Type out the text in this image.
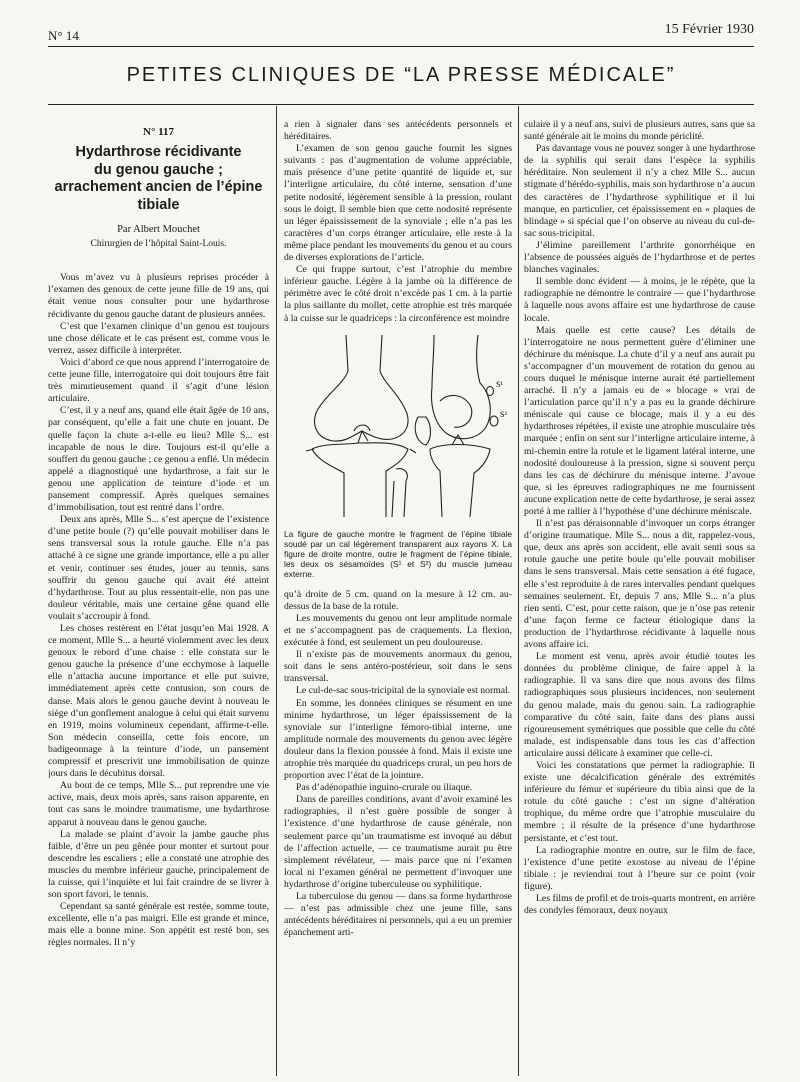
N° 14	15 Février 1930
PETITES CLINIQUES DE “LA PRESSE MÉDICALE”
N° 117
Hydarthrose récidivante
du genou gauche ;
arrachement ancien de l’épine
tibiale
Par Albert Mouchet
Chirurgien de l’hôpital Saint-Louis.

Vous m’avez vu à plusieurs reprises procéder à l’examen des genoux de cette jeune fille de 19 ans, qui était venue nous consulter pour une hydarthrose récidivante du genou gauche datant de plusieurs années.

C’est que l’examen clinique d’un genou est toujours une chose délicate et le cas présent est, comme vous le verrez, assez difficile à interpréter.

Voici d’abord ce que nous apprend l’interrogatoire de cette jeune fille, interrogatoire qui doit toujours être fait très minutieusement quand il s’agit d’une lésion articulaire.

C’est, il y a neuf ans, quand elle était âgée de 10 ans, par conséquent, qu’elle a fait une chute en jouant. De quelle façon la chute a-t-elle eu lieu? Mlle S... est incapable de nous le dire. Toujours est-il qu’elle a souffert du genou gauche ; ce genou a enflé. Un médecin appelé a diagnostiqué une hydarthrose, a fait sur le genou une application de teinture d’iode et un pansement compressif. Après quelques semaines d’immobilisation, tout est rentré dans l’ordre.

Deux ans après, Mlle S... s’est aperçue de l’existence d’une petite boule (?) qu’elle pouvait mobiliser dans le sens transversal sous la rotule gauche. Elle n’a pas attaché à ce signe une grande importance, elle a pu aller et venir, continuer ses études, jouer au tennis, sans souffrir du genou gauche qui avait été atteint d’hydarthrose. Tout au plus ressentait-elle, non pas une douleur véritable, mais une certaine gêne quand elle voulait s’accroupir à fond.

Les choses restèrent en l’état jusqu’en Mai 1928. A ce moment, Mlle S... a heurté violemment avec les deux genoux le rebord d’une chaise : elle constata sur le genou gauche la présence d’une ecchymose à laquelle elle n’attacha aucune importance et elle put suivre, immédiatement après cette contusion, son cours de danse. Mais alors le genou gauche devint à nouveau le siège d’un gonflement analogue à celui qui était survenu en 1919, moins volumineux cependant, affirme-t-elle. Son médecin conseilla, cette fois encore, un badigeonnage à la teinture d’iode, un pansement compressif et prescrivit une immobilisation de quinze jours dans le décubitus dorsal.

Au bout de ce temps, Mlle S... put reprendre une vie active, mais, deux mois après, sans raison apparente, en tout cas sans le moindre traumatisme, une hydarthrose apparut à nouveau dans le genou gauche.

La malade se plaint d’avoir la jambe gauche plus faible, d’être un peu gênée pour monter et surtout pour descendre les escaliers ; elle a constaté une atrophie des muscles du membre inférieur gauche, principalement de la cuisse, qui l’inquiète et lui fait craindre de se livrer à son sport favori, le tennis.

Cependant sa santé générale est restée, somme toute, excellente, elle n’a pas maigri. Elle est grande et mince, mais elle a bonne mine. Son appétit est resté bon, ses règles normales. Il n’y

a rien à signaler dans ses antécédents personnels et héréditaires.

L’examen de son genou gauche fournit les signes suivants : pas d’augmentation de volume appréciable, mais présence d’une petite quantité de liquide et, sur l’interligne articulaire, du côté interne, sensation d’une petite nodosité, légèrement sensible à la pression, roulant sous le doigt. Il semble bien que cette nodosité représente un léger épaississement de la synoviale ; elle n’a pas les caractères d’un corps étranger articulaire, elle reste à la même place pendant les mouvements du genou et au cours de diverses explorations de l’article.

Ce qui frappe surtout, c’est l’atrophie du membre inférieur gauche. Légère à la jambe où la différence de périmètre avec le côté droit n’excède pas 1 cm. à la partie la plus saillante du mollet, cette atrophie est très marquée à la cuisse sur le quadriceps : la circonférence est moindre

S¹
S²
La figure de gauche montre le fragment de l’épine tibiale soudé par un cal légèrement transparent aux rayons X. La figure de droite montre, outre le fragment de l’épine tibiale, les deux os sésamoïdes (S¹ et S²) du muscle jumeau externe.

qu’à droite de 5 cm. quand on la mesure à 12 cm. au-dessus de la base de la rotule.

Les mouvements du genou ont leur amplitude normale et ne s’accompagnent pas de craquements. La flexion, exécutée à fond, est seulement un peu douloureuse.

Il n’existe pas de mouvements anormaux du genou, soit dans le sens antéro-postérieur, soit dans le sens transversal.

Le cul-de-sac sous-tricipital de la synoviale est normal.

En somme, les données cliniques se résument en une minime hydarthrose, un léger épaississement de la synoviale sur l’interligne fémoro-tibial interne, une amplitude normale des mouvements du genou avec légère douleur dans la flexion poussée à fond. Mais il existe une atrophie très marquée du quadriceps crural, un peu hors de proportion avec l’état de la jointure.

Pas d’adénopathie inguino-crurale ou iliaque.

Dans de pareilles conditions, avant d’avoir examiné les radiographies, il n’est guère possible de songer à l’existence d’une hydarthrose de cause générale, non seulement parce qu’un traumatisme est invoqué au début de l’affection actuelle, — ce traumatisme aurait pu être simplement révélateur, — mais parce que ni l’examen local ni l’examen général ne permettent d’invoquer une hydarthrose d’origine tuberculeuse ou syphilitique.

La tuberculose du genou — dans sa forme hydarthrose — n’est pas admissible chez une jeune fille, sans antécédents héréditaires ni personnels, qui a eu un premier épanchement arti-

culaire il y a neuf ans, suivi de plusieurs autres, sans que sa santé générale ait le moins du monde périclité.

Pas davantage vous ne pouvez songer à une hydarthrose de la syphilis qui serait dans l’espèce la syphilis héréditaire. Non seulement il n’y a chez Mlle S... aucun stigmate d’hérédo-syphilis, mais son hydarthrose n’a aucun des caractères de l’hydarthrose syphilitique et il lui manque, en particulier, cet épaississement en « plaques de blindage » si spécial que l’on observe au niveau du cul-de-sac sous-tricipital.

J’élimine pareillement l’arthrite gonorrhéique en l’absence de poussées aiguës de l’hydarthrose et de pertes blanches vaginales.

Il semble donc évident — à moins, je le répète, que la radiographie ne démontre le contraire — que l’hydarthrose à laquelle nous avons affaire est une hydarthrose de cause locale.

Mais quelle est cette cause? Les détails de l’interrogatoire ne nous permettent guère d’éliminer une déchirure du ménisque. La chute d’il y a neuf ans aurait pu s’accompagner d’un mouvement de rotation du genou au cours duquel le ménisque interne aurait été partiellement arraché. Il n’y a jamais eu de « blocage » vrai de l’articulation parce qu’il n’y a pas eu la grande déchirure méniscale qui cause ce blocage, mais il y a eu des hydarthroses répétées, il existe une atrophie musculaire très marquée ; enfin on sent sur l’interligne articulaire interne, à mi-chemin entre la rotule et le ligament latéral interne, une nodosité douloureuse à la pression, signe si souvent perçu dans les cas de déchirure du ménisque interne. J’avoue que, si les épreuves radiographiques ne me fournissent aucune explication nette de cette hydarthrose, je serai assez porté à me rallier à l’hypothèse d’une déchirure méniscale.

Il n’est pas déraisonnable d’invoquer un corps étranger d’origine traumatique. Mlle S... nous a dit, rappelez-vous, que, deux ans après son accident, elle avait senti sous sa rotule gauche une petite boule qu’elle pouvait mobiliser dans le sens transversal. Mais cette sensation a été fugace, elle s’est reproduite à de rares intervalles pendant quelques semaines seulement. Et, depuis 7 ans, Mlle S... n’a plus rien senti. C’est, pour cette raison, que je n’ose pas retenir d’une façon ferme ce facteur étiologique dans la production de l’hydarthrose récidivante à laquelle nous avons affaire ici.

Le moment est venu, après avoir étudié toutes les données du problème clinique, de faire appel à la radiographie. Il va sans dire que nous avons des films radiographiques sous plusieurs incidences, non seulement du genou malade, mais du genou sain. La radiographie comparative du côté sain, faite dans des plans aussi rigoureusement symétriques que possible que celle du côté malade, est indispensable dans tous les cas d’affection articulaire aussi délicate à examiner que celle-ci.

Voici les constatations que permet la radiographie. Il existe une décalcification générale des extrémités inférieure du fémur et supérieure du tibia ainsi que de la rotule du côté gauche : c’est un signe d’altération trophique, du même ordre que l’atrophie musculaire du membre ; il résulte de la présence d’une hydarthrose persistante, et c’est tout.

La radiographie montre en outre, sur le film de face, l’existence d’une petite exostose au niveau de l’épine tibiale : je reviendrai tout à l’heure sur ce point (voir figure).

Les films de profil et de trois-quarts montrent, en arrière des condyles fémoraux, deux noyaux
